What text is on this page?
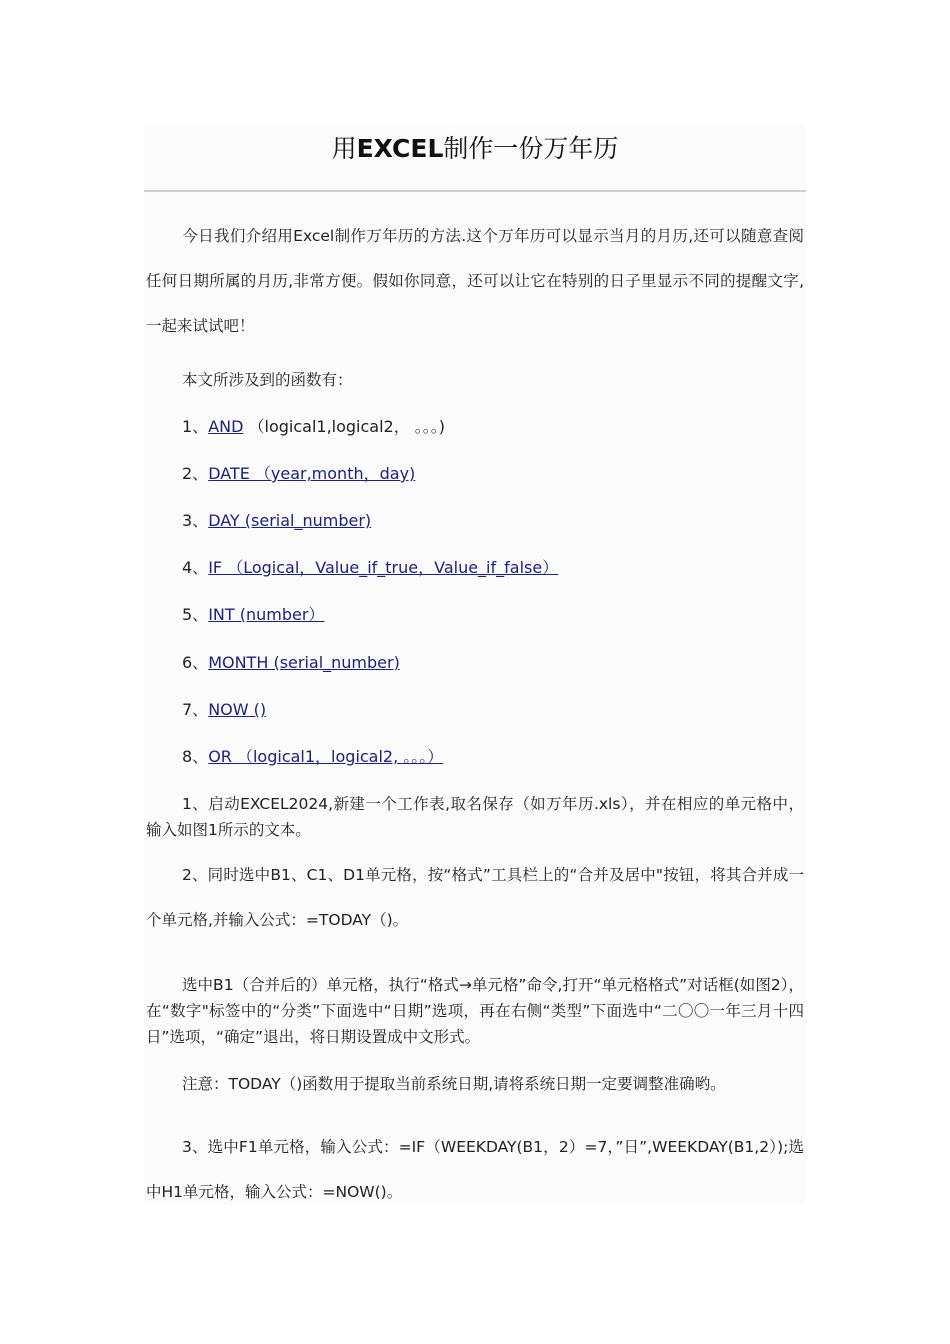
用EXCEL制作一份万年历
今日我们介绍用Excel制作万年历的方法.这个万年历可以显示当月的月历,还可以随意查阅任何日期所属的月历,非常方便。假如你同意，还可以让它在特别的日子里显示不同的提醒文字,一起来试试吧！
本文所涉及到的函数有：
1、AND （logical1,logical2， 。。。)
2、DATE （year,month，day)
3、DAY (serial_number)
4、IF （Logical，Value_if_true，Value_if_false）
5、INT (number）
6、MONTH (serial_number)
7、NOW ()
8、OR （logical1，logical2, 。。。）
1、启动EXCEL2024,新建一个工作表,取名保存（如万年历.xls），并在相应的单元格中，输入如图1所示的文本。
2、同时选中B1、C1、D1单元格，按“格式”工具栏上的“合并及居中"按钮，将其合并成一个单元格,并输入公式：=TODAY（)。
选中B1（合并后的）单元格，执行“格式→单元格”命令,打开“单元格格式”对话框(如图2），在“数字"标签中的“分类”下面选中“日期”选项，再在右侧“类型”下面选中“二〇〇一年三月十四日”选项，“确定”退出，将日期设置成中文形式。
注意：TODAY（)函数用于提取当前系统日期,请将系统日期一定要调整准确哟。
3、选中F1单元格，输入公式：=IF（WEEKDAY(B1，2）=7，”日”,WEEKDAY(B1,2）);选中H1单元格，输入公式：=NOW()。
